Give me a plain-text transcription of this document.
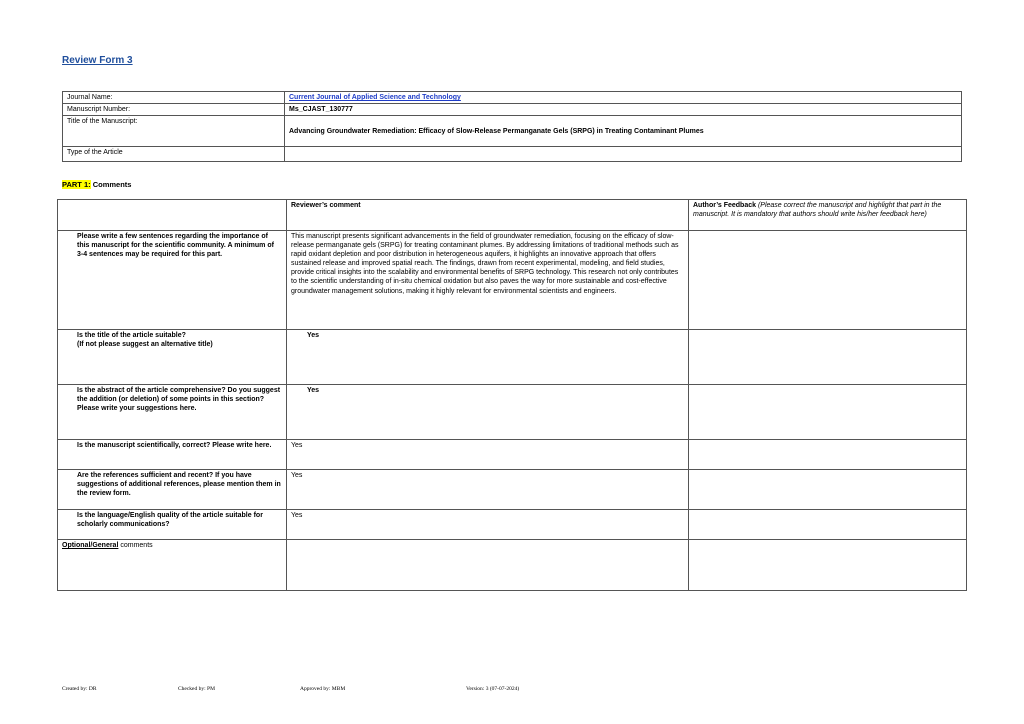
Review Form 3
Journal Name:	Current Journal of Applied Science and Technology
Manuscript Number:	Ms_CJAST_130777
Title of the Manuscript:	Advancing Groundwater Remediation: Efficacy of Slow-Release Permanganate Gels (SRPG) in Treating Contaminant Plumes
Type of the Article	
PART 1: Comments
	Reviewer’s comment	Author’s Feedback (Please correct the manuscript and highlight that part in the manuscript. It is mandatory that authors should write his/her feedback here)
Please write a few sentences regarding the importance of this manuscript for the scientific community. A minimum of 3-4 sentences may be required for this part.	This manuscript presents significant advancements in the field of groundwater remediation, focusing on the efficacy of slow-release permanganate gels (SRPG) for treating contaminant plumes. By addressing limitations of traditional methods such as rapid oxidant depletion and poor distribution in heterogeneous aquifers, it highlights an innovative approach that offers sustained release and improved spatial reach. The findings, drawn from recent experimental, modeling, and field studies, provide critical insights into the scalability and environmental benefits of SRPG technology. This research not only contributes to the scientific understanding of in-situ chemical oxidation but also paves the way for more sustainable and cost-effective groundwater management solutions, making it highly relevant for environmental scientists and engineers.	
Is the title of the article suitable?
(If not please suggest an alternative title)	Yes	
Is the abstract of the article comprehensive? Do you suggest the addition (or deletion) of some points in this section? Please write your suggestions here.	Yes	
Is the manuscript scientifically, correct? Please write here.	Yes	
Are the references sufficient and recent? If you have suggestions of additional references, please mention them in the review form.	Yes	
Is the language/English quality of the article suitable for scholarly communications?	Yes	
Optional/General comments		
Created by: DR	Checked by: PM	Approved by: MBM	Version: 3 (07-07-2024)
